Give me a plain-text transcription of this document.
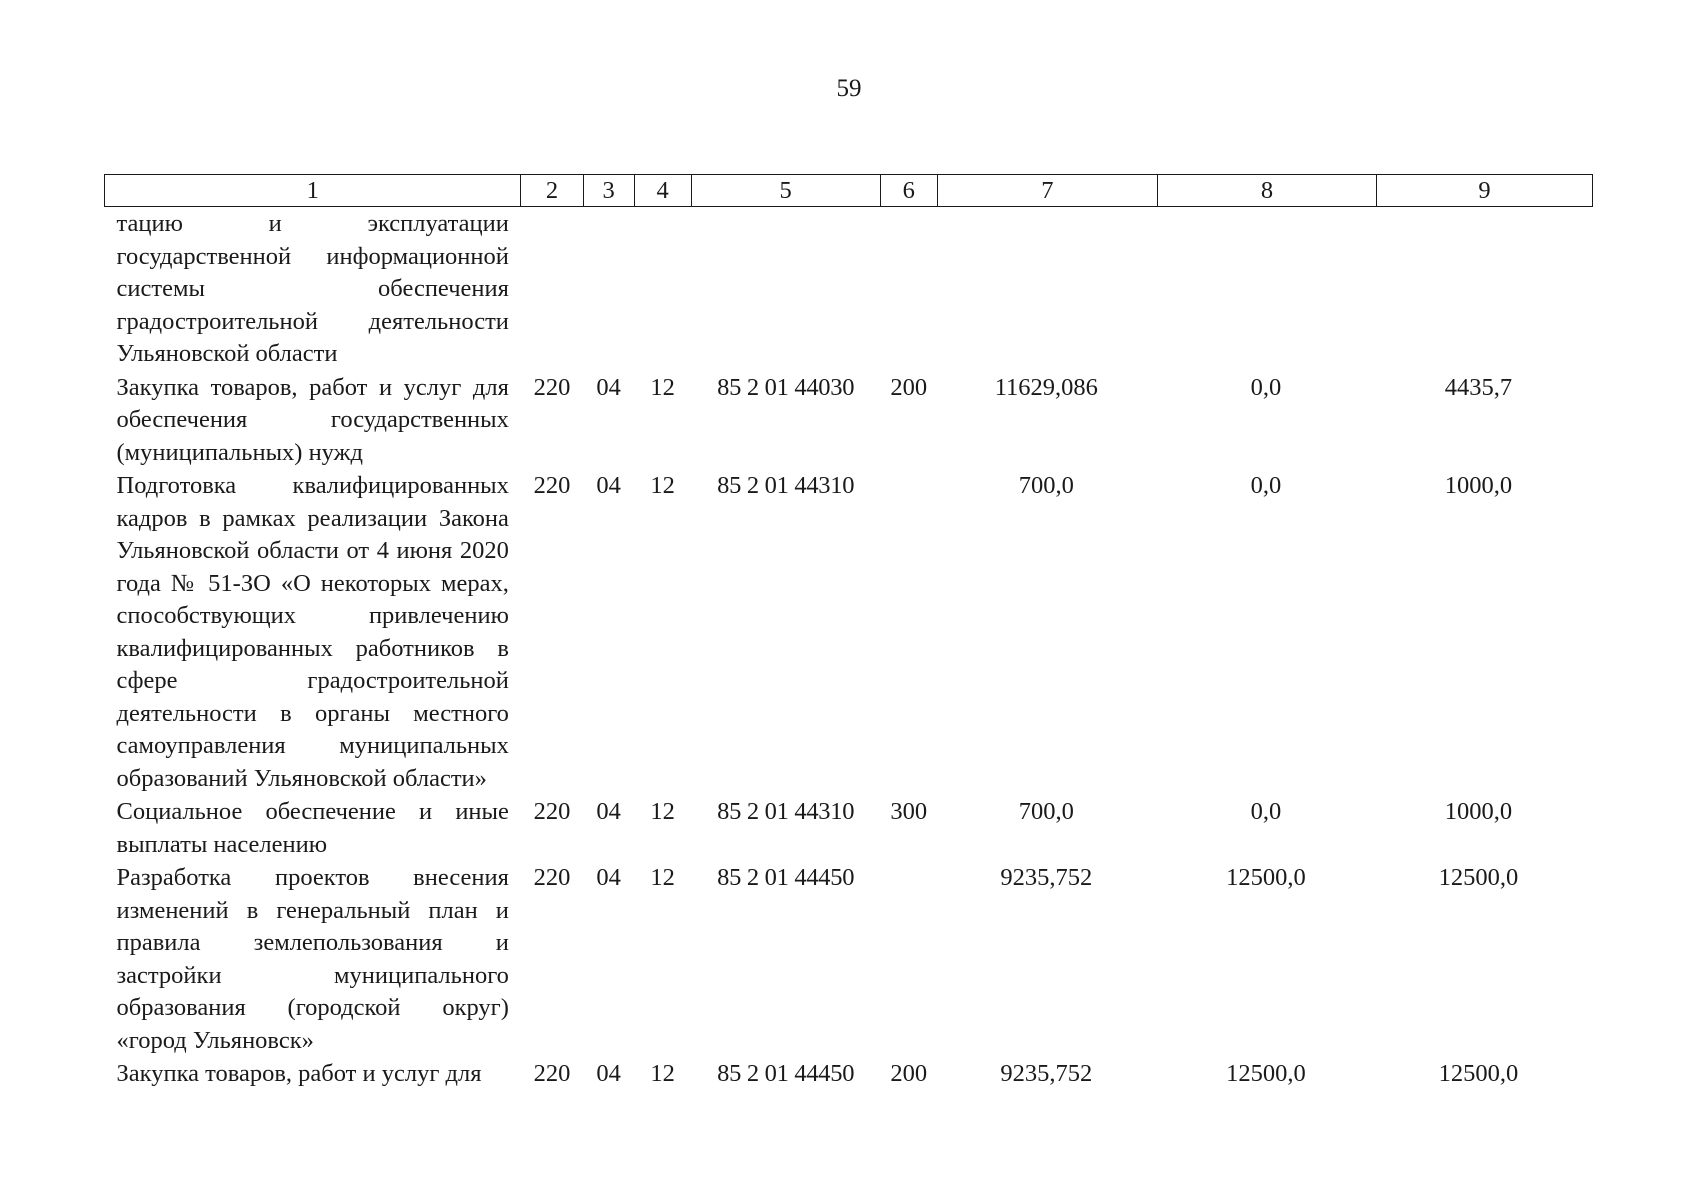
59
1	2	3	4	5	6	7	8	9
тацию и эксплуатации государственной информационной системы обеспечения градостроительной деятельности Ульяновской области								
Закупка товаров, работ и услуг для обеспечения государственных (муниципальных) нужд	220	04	12	85 2 01 44030	200	11629,086	0,0	4435,7
Подготовка квалифицированных кадров в рамках реализации Закона Ульяновской области от 4 июня 2020 года № 51-ЗО «О некоторых мерах, способствующих привлечению квалифицированных работников в сфере градостроительной деятельности в органы местного самоуправления муниципальных образований Ульяновской области»	220	04	12	85 2 01 44310		700,0	0,0	1000,0
Социальное обеспечение и иные выплаты населению	220	04	12	85 2 01 44310	300	700,0	0,0	1000,0
Разработка проектов внесения изменений в генеральный план и правила землепользования и застройки муниципального образования (городской округ) «город Ульяновск»	220	04	12	85 2 01 44450		9235,752	12500,0	12500,0
Закупка товаров, работ и услуг для	220	04	12	85 2 01 44450	200	9235,752	12500,0	12500,0
